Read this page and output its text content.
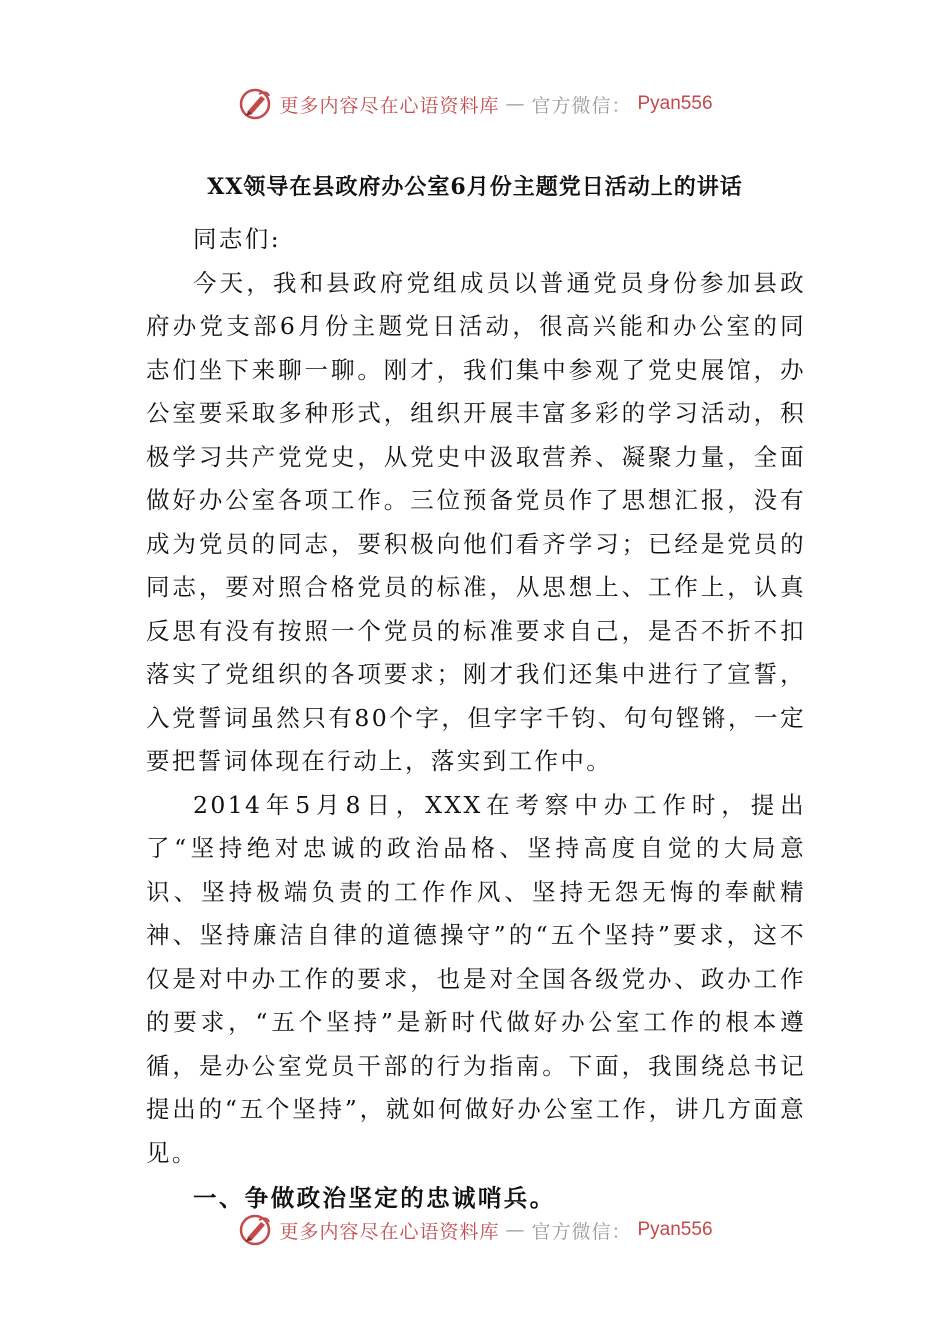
更多内容尽在心语资料库 — 官方微信： Pyan556
XX领导在县政府办公室6月份主题党日活动上的讲话

同志们:

今天，我和县政府党组成员以普通党员身份参加县政府办党支部6月份主题党日活动，很高兴能和办公室的同志们坐下来聊一聊。刚才，我们集中参观了党史展馆，办公室要采取多种形式，组织开展丰富多彩的学习活动，积极学习共产党党史，从党史中汲取营养、凝聚力量，全面做好办公室各项工作。三位预备党员作了思想汇报，没有成为党员的同志，要积极向他们看齐学习；已经是党员的同志，要对照合格党员的标准，从思想上、工作上，认真反思有没有按照一个党员的标准要求自己，是否不折不扣落实了党组织的各项要求；刚才我们还集中进行了宣誓，入党誓词虽然只有80个字，但字字千钧、句句铿锵，一定要把誓词体现在行动上，落实到工作中。

2014年5月8日，XXX在考察中办工作时，提出了“坚持绝对忠诚的政治品格、坚持高度自觉的大局意识、坚持极端负责的工作作风、坚持无怨无悔的奉献精神、坚持廉洁自律的道德操守”的“五个坚持”要求，这不仅是对中办工作的要求，也是对全国各级党办、政办工作的要求，“五个坚持”是新时代做好办公室工作的根本遵循，是办公室党员干部的行为指南。下面，我围绕总书记提出的“五个坚持”，就如何做好办公室工作，讲几方面意见。

一、争做政治坚定的忠诚哨兵。

更多内容尽在心语资料库 — 官方微信： Pyan556
